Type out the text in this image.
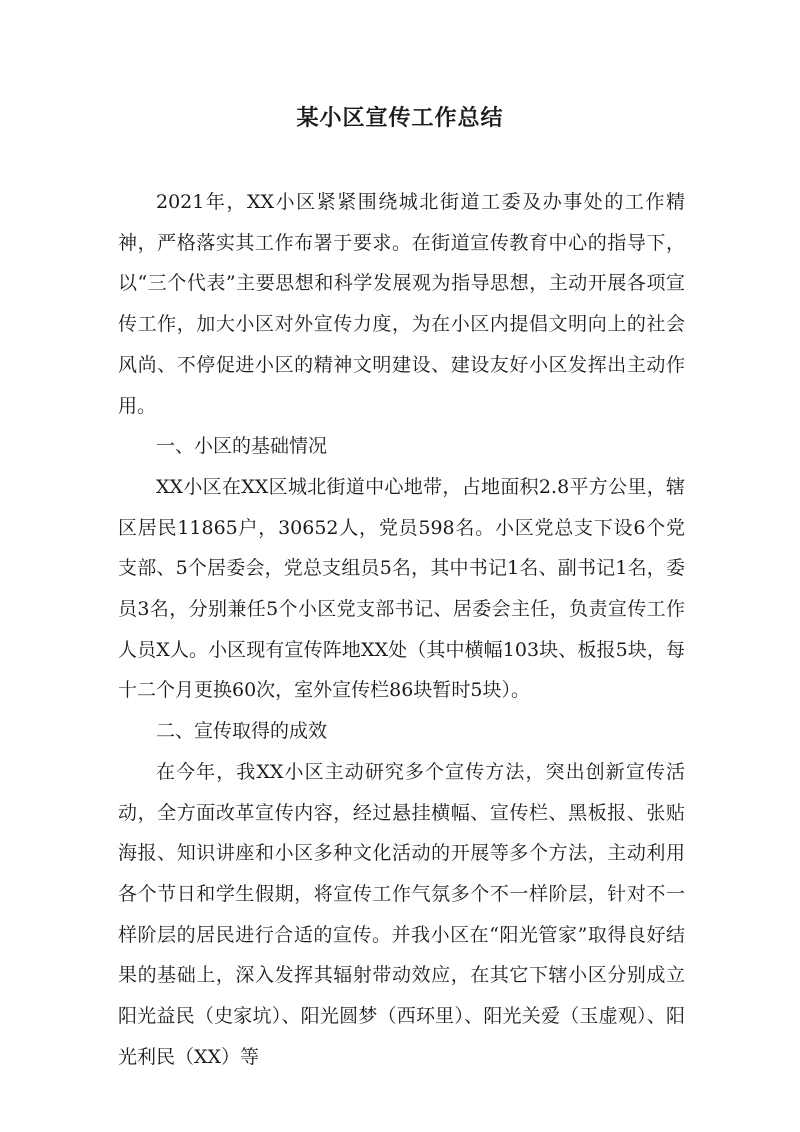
某小区宣传工作总结

2021年，XX小区紧紧围绕城北街道工委及办事处的工作精神，严格落实其工作布署于要求。在街道宣传教育中心的指导下，以“三个代表”主要思想和科学发展观为指导思想，主动开展各项宣传工作，加大小区对外宣传力度，为在小区内提倡文明向上的社会风尚、不停促进小区的精神文明建设、建设友好小区发挥出主动作用。

一、小区的基础情况

XX小区在XX区城北街道中心地带，占地面积2.8平方公里，辖区居民11865户，30652人，党员598名。小区党总支下设6个党支部、5个居委会，党总支组员5名，其中书记1名、副书记1名，委员3名，分别兼任5个小区党支部书记、居委会主任，负责宣传工作人员X人。小区现有宣传阵地XX处（其中横幅103块、板报5块，每十二个月更换60次，室外宣传栏86块暂时5块）。

二、宣传取得的成效

在今年，我XX小区主动研究多个宣传方法，突出创新宣传活动，全方面改革宣传内容，经过悬挂横幅、宣传栏、黑板报、张贴海报、知识讲座和小区多种文化活动的开展等多个方法，主动利用各个节日和学生假期，将宣传工作气氛多个不一样阶层，针对不一样阶层的居民进行合适的宣传。并我小区在“阳光管家”取得良好结果的基础上，深入发挥其辐射带动效应，在其它下辖小区分别成立阳光益民（史家坑）、阳光圆梦（西环里）、阳光关爱（玉虚观）、阳光利民（XX）等
